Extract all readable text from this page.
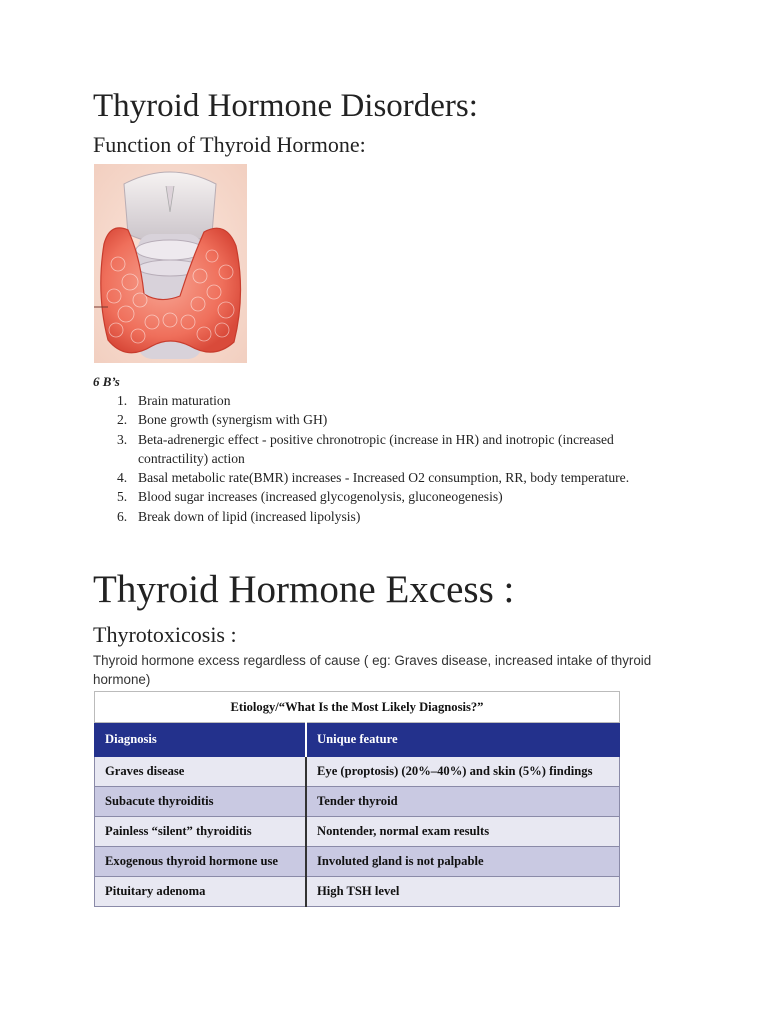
Thyroid Hormone Disorders:
Function of Thyroid Hormone:
6 B’s
1. Brain maturation
2. Bone growth (synergism with GH)
3. Beta-adrenergic effect - positive chronotropic (increase in HR) and inotropic (increased contractility) action
4. Basal metabolic rate(BMR) increases - Increased O2 consumption, RR, body temperature.
5. Blood sugar increases (increased glycogenolysis, gluconeogenesis)
6. Break down of lipid (increased lipolysis)
Thyroid Hormone Excess :
Thyrotoxicosis :
Thyroid hormone excess regardless of cause ( eg: Graves disease, increased intake of thyroid hormone)
Etiology/“What Is the Most Likely Diagnosis?”	
Diagnosis	Unique feature
Graves disease	Eye (proptosis) (20%–40%) and skin (5%) findings
Subacute thyroiditis	Tender thyroid
Painless “silent” thyroiditis	Nontender, normal exam results
Exogenous thyroid hormone use	Involuted gland is not palpable
Pituitary adenoma	High TSH level
